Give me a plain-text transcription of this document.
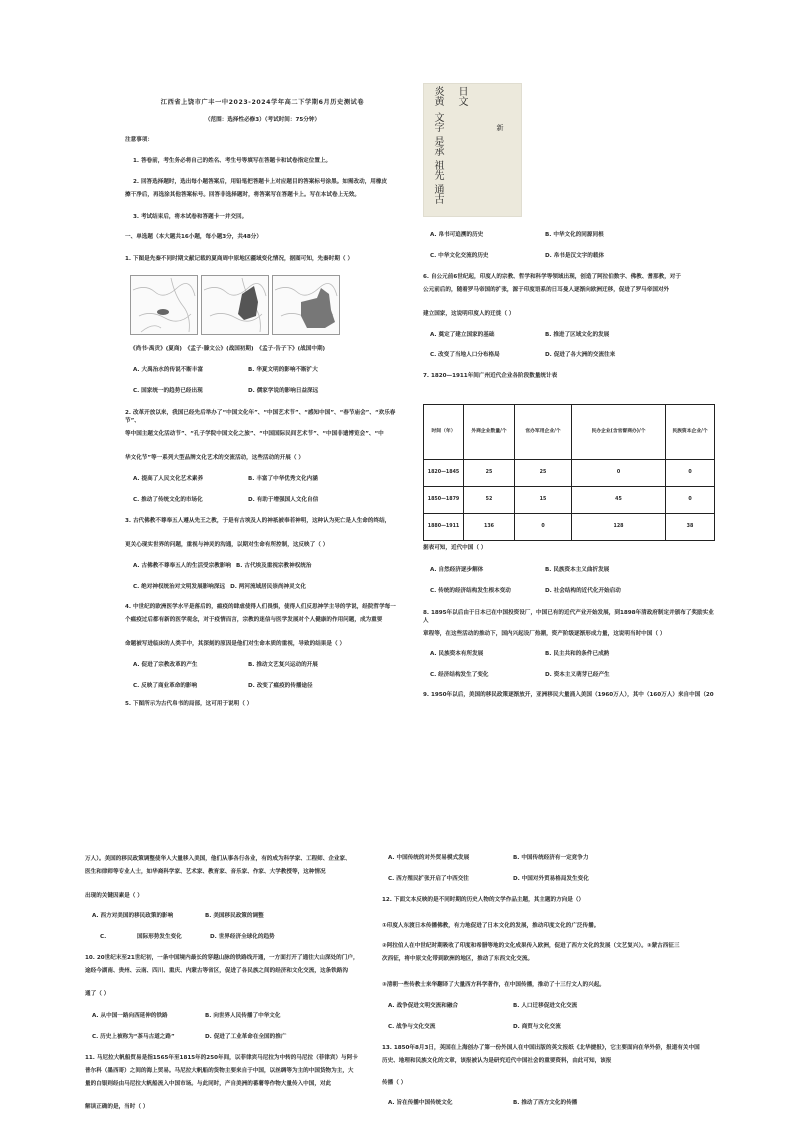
江西省上饶市广丰一中2023-2024学年高二下学期6月历史测试卷
（范围：选择性必修3）（考试时间：75分钟）
注意事项：
1. 答卷前，考生务必将自己的姓名、考生号等填写在答题卡和试卷指定位置上。
2. 回答选择题时，选出每小题答案后，用铅笔把答题卡上对应题目的答案标号涂黑。如需改动，用橡皮
擦干净后，再选涂其他答案标号。回答非选择题时，将答案写在答题卡上。写在本试卷上无效。
3. 考试结束后，将本试卷和答题卡一并交回。
一、单选题（本大题共16小题，每小题3分，共48分）
1. 下图是先秦不同时期文献记载的夏商周中原地区疆域变化情况，据图可知，先秦时期（ ）
《尚书·禹贡》(夏商)　《孟子·滕文公》(战国初期)　《孟子·告子下》(战国中期)
A. 大禹治水的传说不断丰富	B. 华夏文明的影响不断扩大
C. 国家统一的趋势已经出现	D. 儒家学说的影响日益深远
2. 改革开放以来，我国已经先后举办了“中国文化年”、“中国艺术节”、“感知中国”、“春节庙会”、“欢乐春节”、
等中国主题文化活动节”、“孔子学院中国文化之旅”、“中国国际民间艺术节”、“中国非遗博览会”、“中
华文化节”等一系列大型品牌文化艺术的交流活动，这些活动的开展（ ）
A. 提高了人民文化艺术素养	B. 丰富了中华优秀文化内涵
C. 推动了传统文化的市场化	D. 有助于增强国人文化自信
3. 古代佛教不尊奉五人遵从先王之教，于是有古埃及人的神祇被奉若神明，这种认为死亡是人生命的终结，
更关心现实世界的问题，重视与神灵的沟通，以期对生命有所控制，这反映了（ ）
A. 古佛教不尊奉五人的生活受宗教影响 B. 古代埃及重视宗教神权统治
C. 绝对神权统治对文明发展影响深远 D. 两河流域居民崇尚神灵文化
4. 中世纪的欧洲医学水平是落后的，瘟疫的肆虐使得人们畏惧，使得人们反思神学主导的学说，经院哲学每一
个瘟疫过后都有新的医学观念，对于疫情而言，宗教的迷信与医学发展对个人健康的作用问题，成为重要
命题被写进临床的人类手中，其深刻的原因是他们对生命本质的重视，导致的结果是（ ）
A. 促进了宗教改革的产生	B. 推动文艺复兴运动的开展
C. 反映了商业革命的影响	D. 改变了瘟疫的传播途径
5. 下图所示为古代帛书的局部，这可用于说明（ ）
炎黄 日文
文字
是承
祖先
通古
新
A. 帛书可追溯的历史	B. 中华文化的同源同根
C. 中华文化交流的历史	D. 帛书是汉文字的载体
6. 自公元前6世纪起，印度人的宗教、哲学和科学等领域出现，创造了阿拉伯数字、佛教、耆那教，对于
公元前后的，随着罗马帝国的扩张，源于印度语系的日耳曼人逐渐向欧洲迁移，促进了罗马帝国对外
建立国家，这说明印度人的迁徙（ ）
A. 奠定了建立国家的基础	B. 推进了区域文化的发展
C. 改变了当地人口分布格局	D. 促进了各大洲的交流往来
7. 1820—1911年间广州近代企业各阶段数量统计表
时间（年）	外商企业数量/个	官办军用企业/个	民办企业(含官督商办)/个	民族资本企业/个
1820—1845	25	25	0	0
1850—1879	52	15	45	0
1880—1911	136	0	128	38
据表可知，近代中国（ ）
A. 自然经济逐步解体	B. 民族资本主义曲折发展
C. 传统的经济结构发生根本变动	D. 社会结构的近代化开始启动
8. 1895年以后由于日本已在中国投资设厂，中国已有的近代产业开始发展，到1898年清政府制定并颁布了奖励实业人
章程等，在这些活动的推动下，国内兴起设厂热潮，资产阶级逐渐形成力量，这说明当时中国（ ）
A. 民族资本有所发展	B. 民主共和的条件已成熟
C. 经济结构发生了变化	D. 资本主义萌芽已经产生
9. 1950年以后，美国的移民政策逐渐放开，亚洲移民大量涌入美国（1960万人），其中（160万人）来自中国（20
万人）。美国的移民政策调整使华人大量移入美国，他们从事各行各业，有的成为科学家、工程师、企业家、
医生和律师等专业人士，如华裔科学家、艺术家、教育家、音乐家、作家、大学教授等，这种情况
出现的关键因素是（ ）
A. 西方对美国的移民政策的影响	B. 美国移民政策的调整
C.	国际形势发生变化	D. 世界经济全球化的趋势
10. 20世纪末至21世纪初，一条中国境内最长的穿越山脉的铁路线开通，一方面打开了通往大山深处的门户，
途经今湖南、贵州、云南、四川、重庆、内蒙古等省区，促进了各民族之间的经济和文化交流，这条铁路沟
通了（ ）
A. 从中国一路向西延伸的铁路	B. 向世界人民传播了中华文化
C. 历史上被称为“茶马古道之路”	D. 促进了工业革命在全国的推广
11. 马尼拉大帆船贸易是指1565年至1815年的250年间，以菲律宾马尼拉为中转的马尼拉（菲律宾）与阿卡
普尔科（墨西哥）之间的海上贸易。马尼拉大帆船的货物主要来自于中国，以丝绸等为主的中国货物为主，大
量的白银则经由马尼拉大帆船流入中国市场。与此同时，产自美洲的番薯等作物大量传入中国，对此
解读正确的是，当时（ ）
A. 中国传统的对外贸易模式发展	B. 中国传统经济有一定竞争力
C. 西方殖民扩张开启了中西交往	D. 中国对外贸易格局发生变化
12. 下面文本反映的是不同时期的历史人物的文学作品主题，其主题的方向是（）
①印度人东渡日本传播佛教，有力地促进了日本文化的发展，推动印度文化的广泛传播。
②阿拉伯人在中世纪时期吸收了印度和希腊等地的文化成果传入欧洲，促进了西方文化的发展（文艺复兴）。③蒙古西征三
次西征，将中原文化带到欧洲的地区，推动了东西文化交流。
③清朝一些传教士来华翻译了大量西方科学著作，在中国传播，推动了十三行文人的兴起。
A. 战争促进文明交流和融合	B. 人口迁移促进文化交流
C. 战争与文化交流	D. 商贸与文化交流
13. 1850年8月3日，英国在上海创办了第一份外国人在中国出版的英文报纸《北华捷报》，它主要面向在华外侨，报道有关中国
历史、地理和民族文化的文章，该报被认为是研究近代中国社会的重要资料，由此可知，该报
传播（ ）
A. 旨在传播中国传统文化	B. 推动了西方文化的传播
